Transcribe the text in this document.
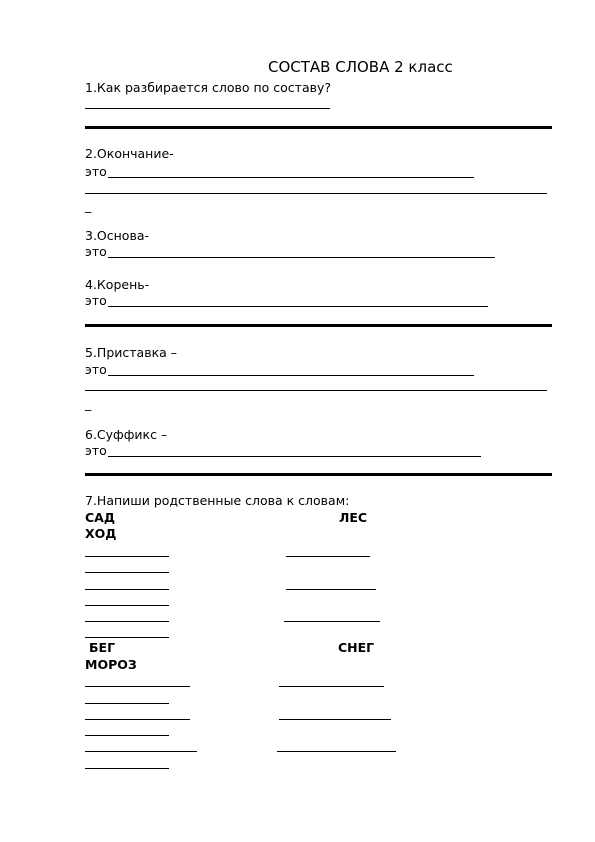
СОСТАВ СЛОВА 2 класс
1.Как разбирается слово по составу?
2.Окончание-
это
_
3.Основа-
это
4.Корень-
это
5.Приставка –
это
_
6.Суффикс –
это
7.Напиши родственные слова к словам:
САД	ЛЕС
ХОД
БЕГ	СНЕГ
МОРОЗ
